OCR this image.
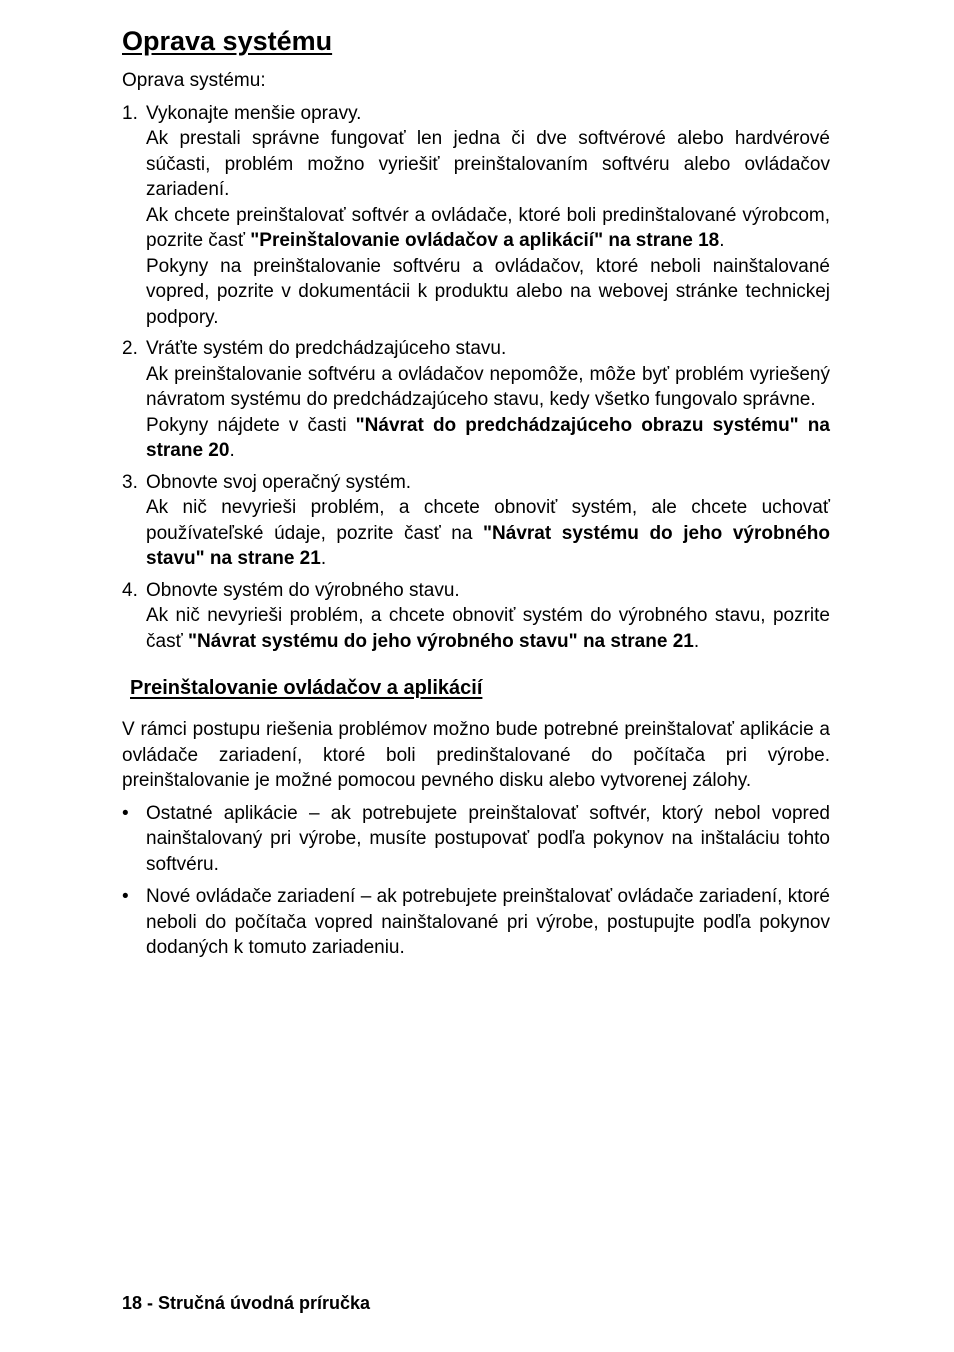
Oprava systému
Oprava systému:
1. Vykonajte menšie opravy.

Ak prestali správne fungovať len jedna či dve softvérové alebo hardvérové súčasti, problém možno vyriešiť preinštalovaním softvéru alebo ovládačov zariadení.

Ak chcete preinštalovať softvér a ovládače, ktoré boli predinštalované výrobcom, pozrite časť "Preinštalovanie ovládačov a aplikácií" na strane 18.

Pokyny na preinštalovanie softvéru a ovládačov, ktoré neboli nainštalované vopred, pozrite v dokumentácii k produktu alebo na webovej stránke technickej podpory.

2. Vráťte systém do predchádzajúceho stavu.

Ak preinštalovanie softvéru a ovládačov nepomôže, môže byť problém vyriešený návratom systému do predchádzajúceho stavu, kedy všetko fungovalo správne.

Pokyny nájdete v časti "Návrat do predchádzajúceho obrazu systému" na strane 20.

3. Obnovte svoj operačný systém.

Ak nič nevyrieši problém, a chcete obnoviť systém, ale chcete uchovať používateľské údaje, pozrite časť na "Návrat systému do jeho výrobného stavu" na strane 21.

4. Obnovte systém do výrobného stavu.

Ak nič nevyrieši problém, a chcete obnoviť systém do výrobného stavu, pozrite časť "Návrat systému do jeho výrobného stavu" na strane 21.

Preinštalovanie ovládačov a aplikácií

V rámci postupu riešenia problémov možno bude potrebné preinštalovať aplikácie a ovládače zariadení, ktoré boli predinštalované do počítača pri výrobe. preinštalovanie je možné pomocou pevného disku alebo vytvorenej zálohy.

• Ostatné aplikácie – ak potrebujete preinštalovať softvér, ktorý nebol vopred nainštalovaný pri výrobe, musíte postupovať podľa pokynov na inštaláciu tohto softvéru.
• Nové ovládače zariadení – ak potrebujete preinštalovať ovládače zariadení, ktoré neboli do počítača vopred nainštalované pri výrobe, postupujte podľa pokynov dodaných k tomuto zariadeniu.
18 - Stručná úvodná príručka
